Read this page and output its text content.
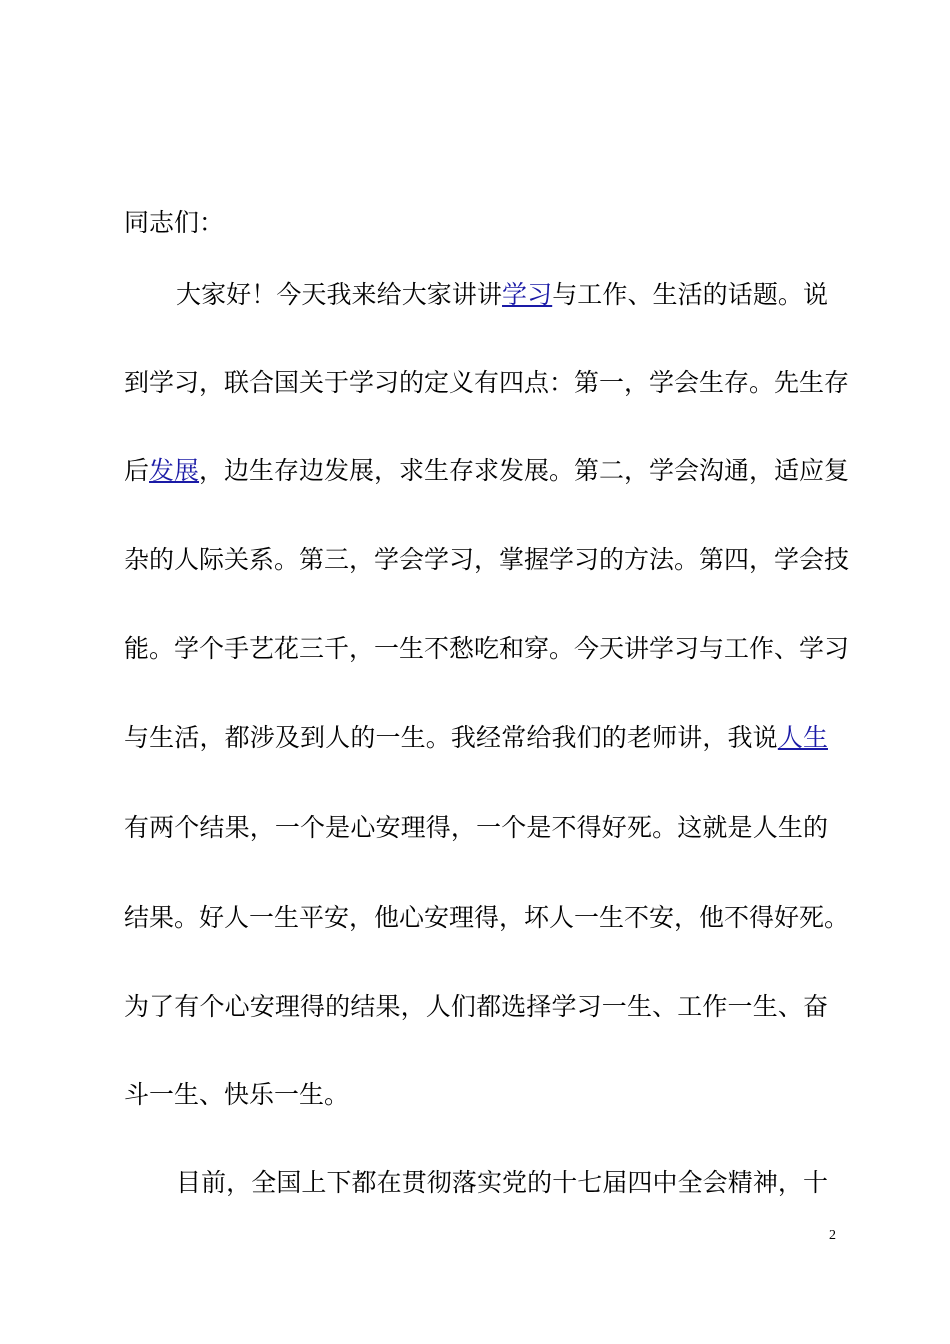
同志们：
大家好！今天我来给大家讲讲学习与工作、生活的话题。说
到学习，联合国关于学习的定义有四点：第一，学会生存。先生存
后发展，边生存边发展，求生存求发展。第二，学会沟通，适应复
杂的人际关系。第三，学会学习，掌握学习的方法。第四，学会技
能。学个手艺花三千，一生不愁吃和穿。今天讲学习与工作、学习
与生活，都涉及到人的一生。我经常给我们的老师讲，我说人生
有两个结果，一个是心安理得，一个是不得好死。这就是人生的
结果。好人一生平安，他心安理得，坏人一生不安，他不得好死。
为了有个心安理得的结果，人们都选择学习一生、工作一生、奋
斗一生、快乐一生。
目前，全国上下都在贯彻落实党的十七届四中全会精神，十
2
